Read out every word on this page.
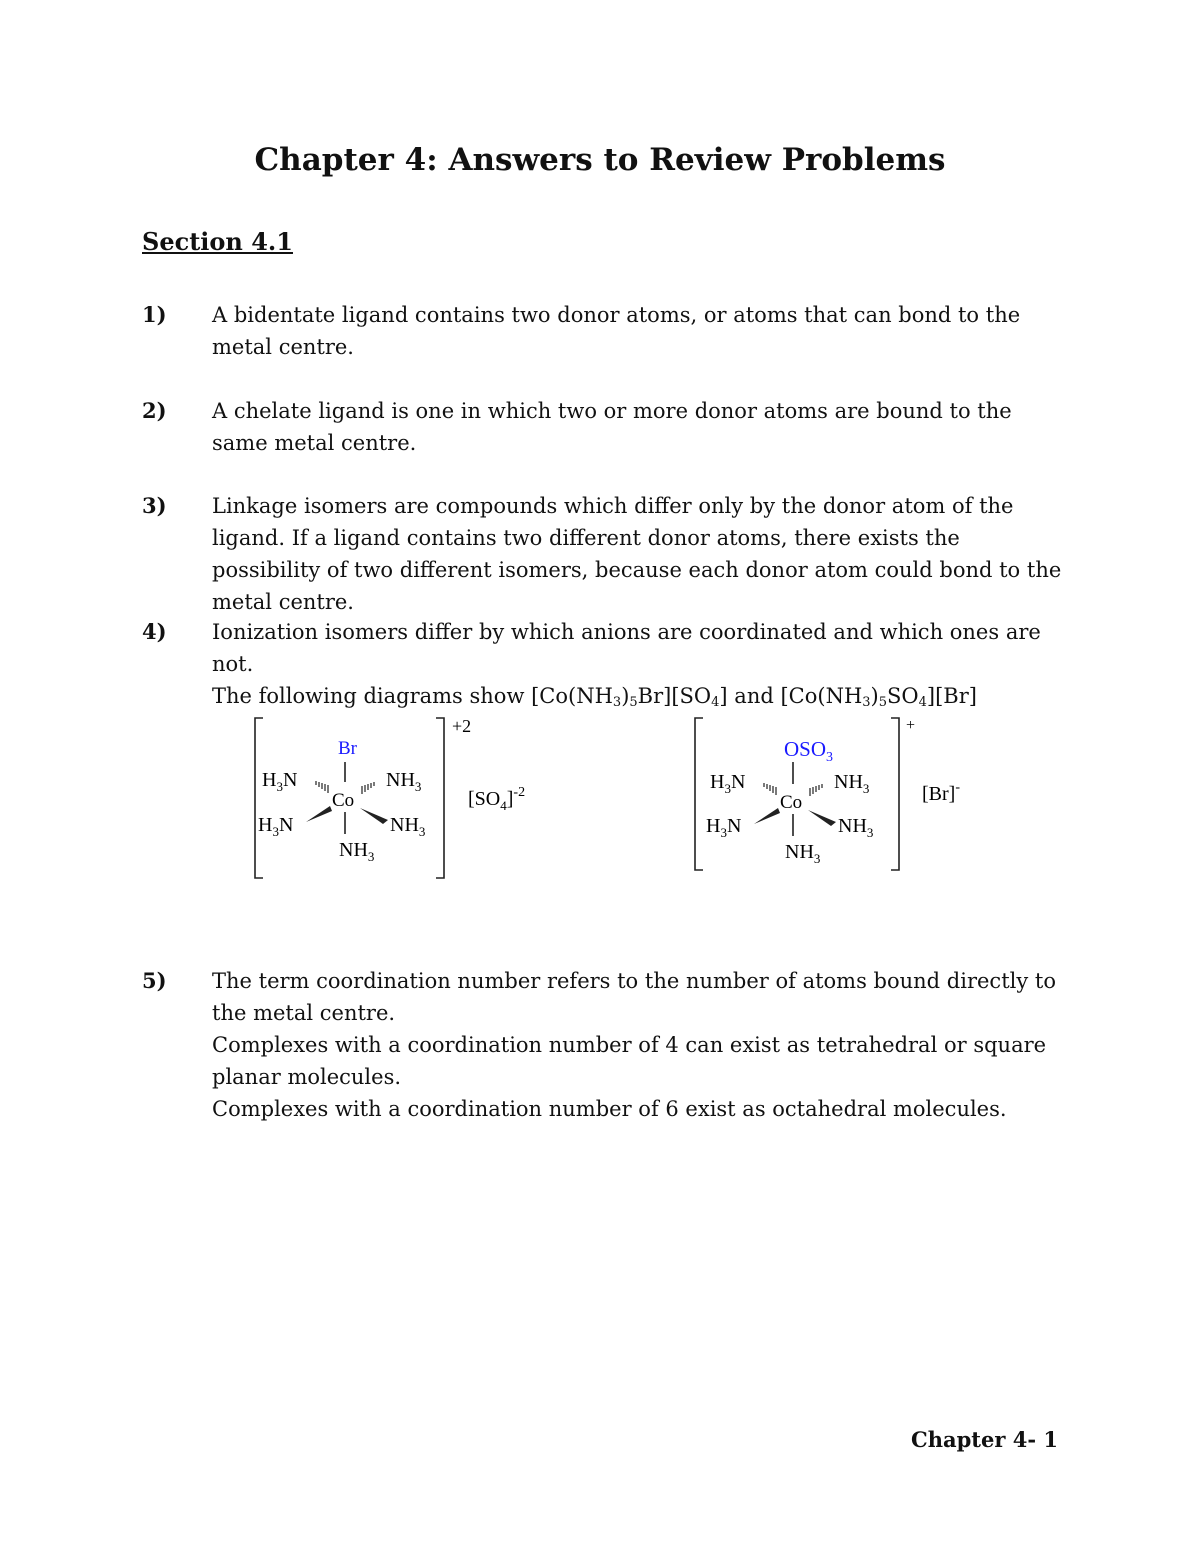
Chapter 4: Answers to Review Problems
Section 4.1
1) A bidentate ligand contains two donor atoms, or atoms that can bond to the metal centre.
2) A chelate ligand is one in which two or more donor atoms are bound to the same metal centre.
3) Linkage isomers are compounds which differ only by the donor atom of the ligand. If a ligand contains two different donor atoms, there exists the possibility of two different isomers, because each donor atom could bond to the metal centre.
4) Ionization isomers differ by which anions are coordinated and which ones are not.

The following diagrams show $[Co(NH_3)_5Br][SO_4]$ and $[Co(NH_3)_5SO_4][Br]$

Br
Co
$H_3N$
$H_3N$
$NH_3$
$NH_3$
$NH_3$
+2
$[SO_4]^{-2}$
$OSO_3$
Co
$H_3N$
$H_3N$
$NH_3$
$NH_3$
$NH_3$
+
[Br]-
5) The term coordination number refers to the number of atoms bound directly to the metal centre.

Complexes with a coordination number of 4 can exist as tetrahedral or square planar molecules.

Complexes with a coordination number of 6 exist as octahedral molecules.

Chapter 4- 1
